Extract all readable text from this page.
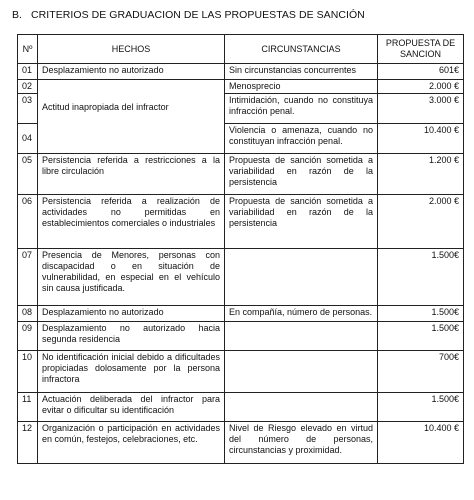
B. CRITERIOS DE GRADUACION DE LAS PROPUESTAS DE SANCIÓN
Nº	HECHOS	CIRCUNSTANCIAS	PROPUESTA DE SANCION
01	Desplazamiento no autorizado	Sin circunstancias concurrentes	601€
02	Actitud inapropiada del infractor	Menosprecio	2.000 €
03		Intimidación, cuando no constituya infracción penal.	3.000 €
04		Violencia o amenaza, cuando no constituyan infracción penal.	10.400 €
05	Persistencia referida a restricciones a la libre circulación	Propuesta de sanción sometida a variabilidad en razón de la persistencia	1.200 €
06	Persistencia referida a realización de actividades no permitidas en establecimientos comerciales o industriales	Propuesta de sanción sometida a variabilidad en razón de la persistencia	2.000 €
07	Presencia de Menores, personas con discapacidad o en situación de vulnerabilidad, en especial en el vehículo sin causa justificada.		1.500€
08	Desplazamiento no autorizado	En compañía, número de personas.	1.500€
09	Desplazamiento no autorizado hacia segunda residencia		1.500€
10	No identificación inicial debido a dificultades propiciadas dolosamente por la persona infractora		700€
11	Actuación deliberada del infractor para evitar o dificultar su identificación		1.500€
12	Organización o participación en actividades en común, festejos, celebraciones, etc.	Nivel de Riesgo elevado en virtud del número de personas, circunstancias y proximidad.	10.400 €
